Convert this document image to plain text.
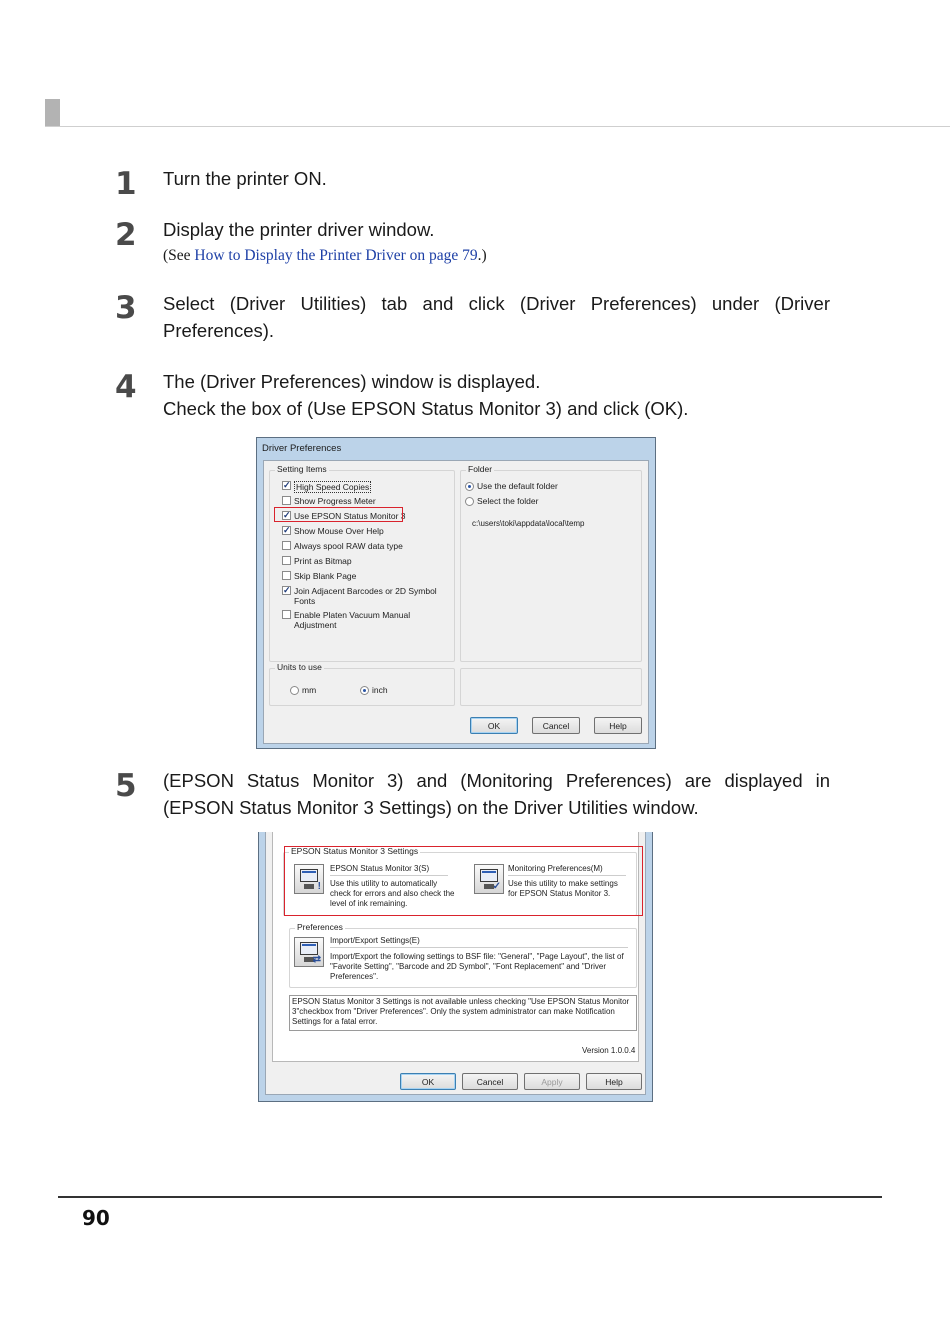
1 Turn the printer ON.
2 Display the printer driver window.
(See How to Display the Printer Driver on page 79.)
3 Select (Driver Utilities) tab and click (Driver Preferences) under (Driver Preferences).
4 The (Driver Preferences) window is displayed.
Check the box of (Use EPSON Status Monitor 3) and click (OK).
Driver Preferences
Setting Items
✓ High Speed Copies
Show Progress Meter
✓ Use EPSON Status Monitor 3
✓ Show Mouse Over Help
Always spool RAW data type
Print as Bitmap
Skip Blank Page
✓ Join Adjacent Barcodes or 2D Symbol Fonts
Enable Platen Vacuum Manual Adjustment
Folder
Use the default folder
Select the folder
c:\users\toki\appdata\local\temp
Units to use
mm	inch
OK	Cancel	Help
5 (EPSON Status Monitor 3) and (Monitoring Preferences) are displayed in (EPSON Status Monitor 3 Settings) on the Driver Utilities window.
EPSON Status Monitor 3 Settings
!
EPSON Status Monitor 3(S)
Use this utility to automatically check for errors and also check the level of ink remaining.
✓
Monitoring Preferences(M)
Use this utility to make settings for EPSON Status Monitor 3.
Preferences
⇄
Import/Export Settings(E)
Import/Export the following settings to BSF file: "General", "Page Layout", the list of "Favorite Setting", "Barcode and 2D Symbol", "Font Replacement" and "Driver Preferences".
EPSON Status Monitor 3 Settings is not available unless checking "Use EPSON Status Monitor 3"checkbox from "Driver Preferences". Only the system administrator can make Notification Settings for a fatal error.
Version 1.0.0.4
OK	Cancel	Apply	Help
90
